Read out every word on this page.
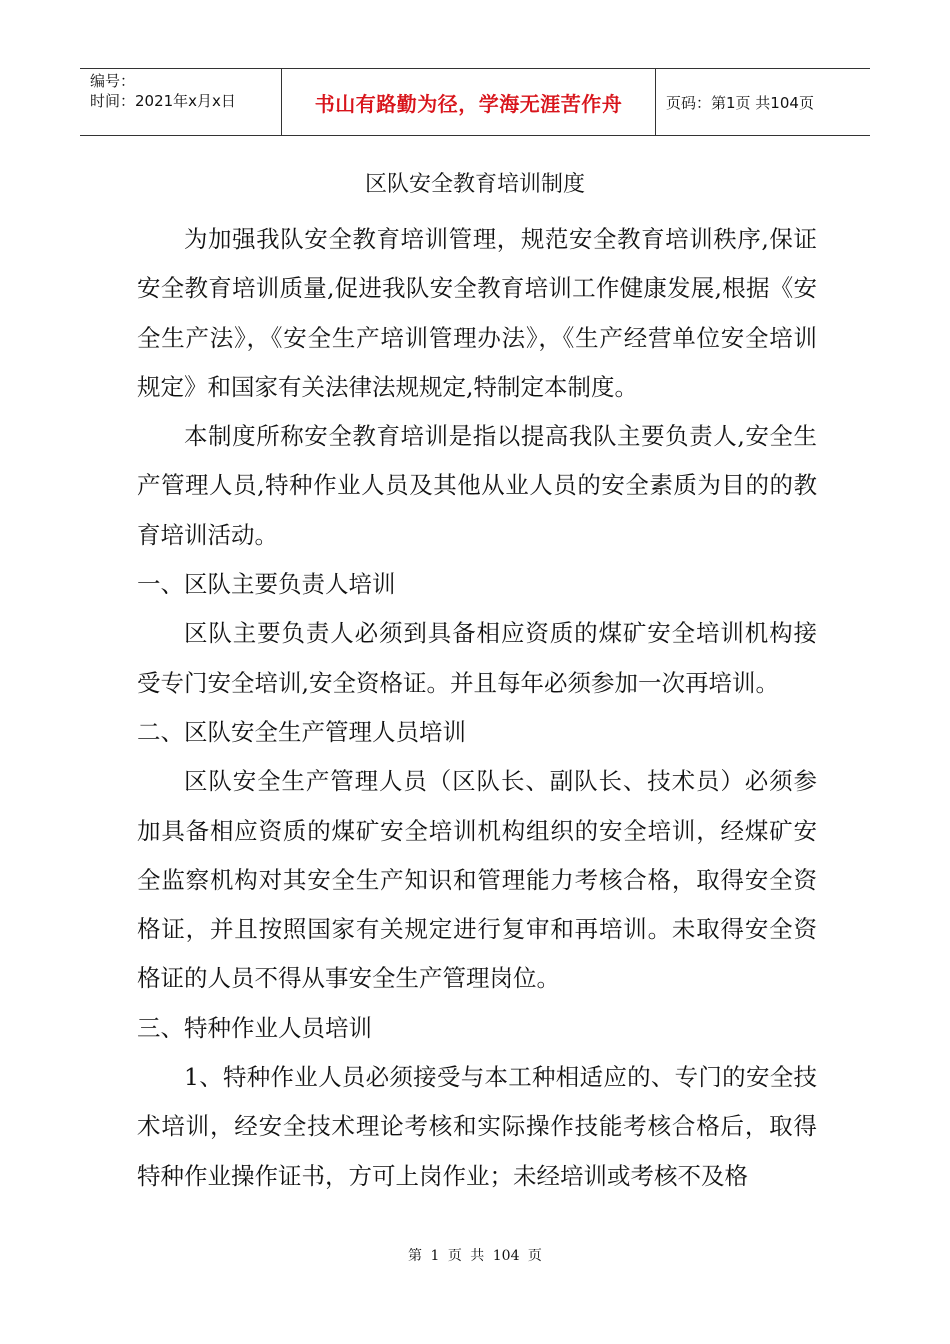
编号：
时间：2021年x月x日	书山有路勤为径，学海无涯苦作舟	页码：第1页 共104页
区队安全教育培训制度

为加强我队安全教育培训管理，规范安全教育培训秩序,保证安全教育培训质量,促进我队安全教育培训工作健康发展,根据《安全生产法》，《安全生产培训管理办法》，《生产经营单位安全培训规定》和国家有关法律法规规定,特制定本制度。

本制度所称安全教育培训是指以提高我队主要负责人,安全生产管理人员,特种作业人员及其他从业人员的安全素质为目的的教育培训活动。

一、区队主要负责人培训

区队主要负责人必须到具备相应资质的煤矿安全培训机构接受专门安全培训,安全资格证。并且每年必须参加一次再培训。

二、区队安全生产管理人员培训

区队安全生产管理人员（区队长、副队长、技术员）必须参加具备相应资质的煤矿安全培训机构组织的安全培训，经煤矿安全监察机构对其安全生产知识和管理能力考核合格，取得安全资格证，并且按照国家有关规定进行复审和再培训。未取得安全资格证的人员不得从事安全生产管理岗位。

三、特种作业人员培训

1、特种作业人员必须接受与本工种相适应的、专门的安全技术培训，经安全技术理论考核和实际操作技能考核合格后，取得特种作业操作证书，方可上岗作业；未经培训或考核不及格

第 1 页 共 104 页
